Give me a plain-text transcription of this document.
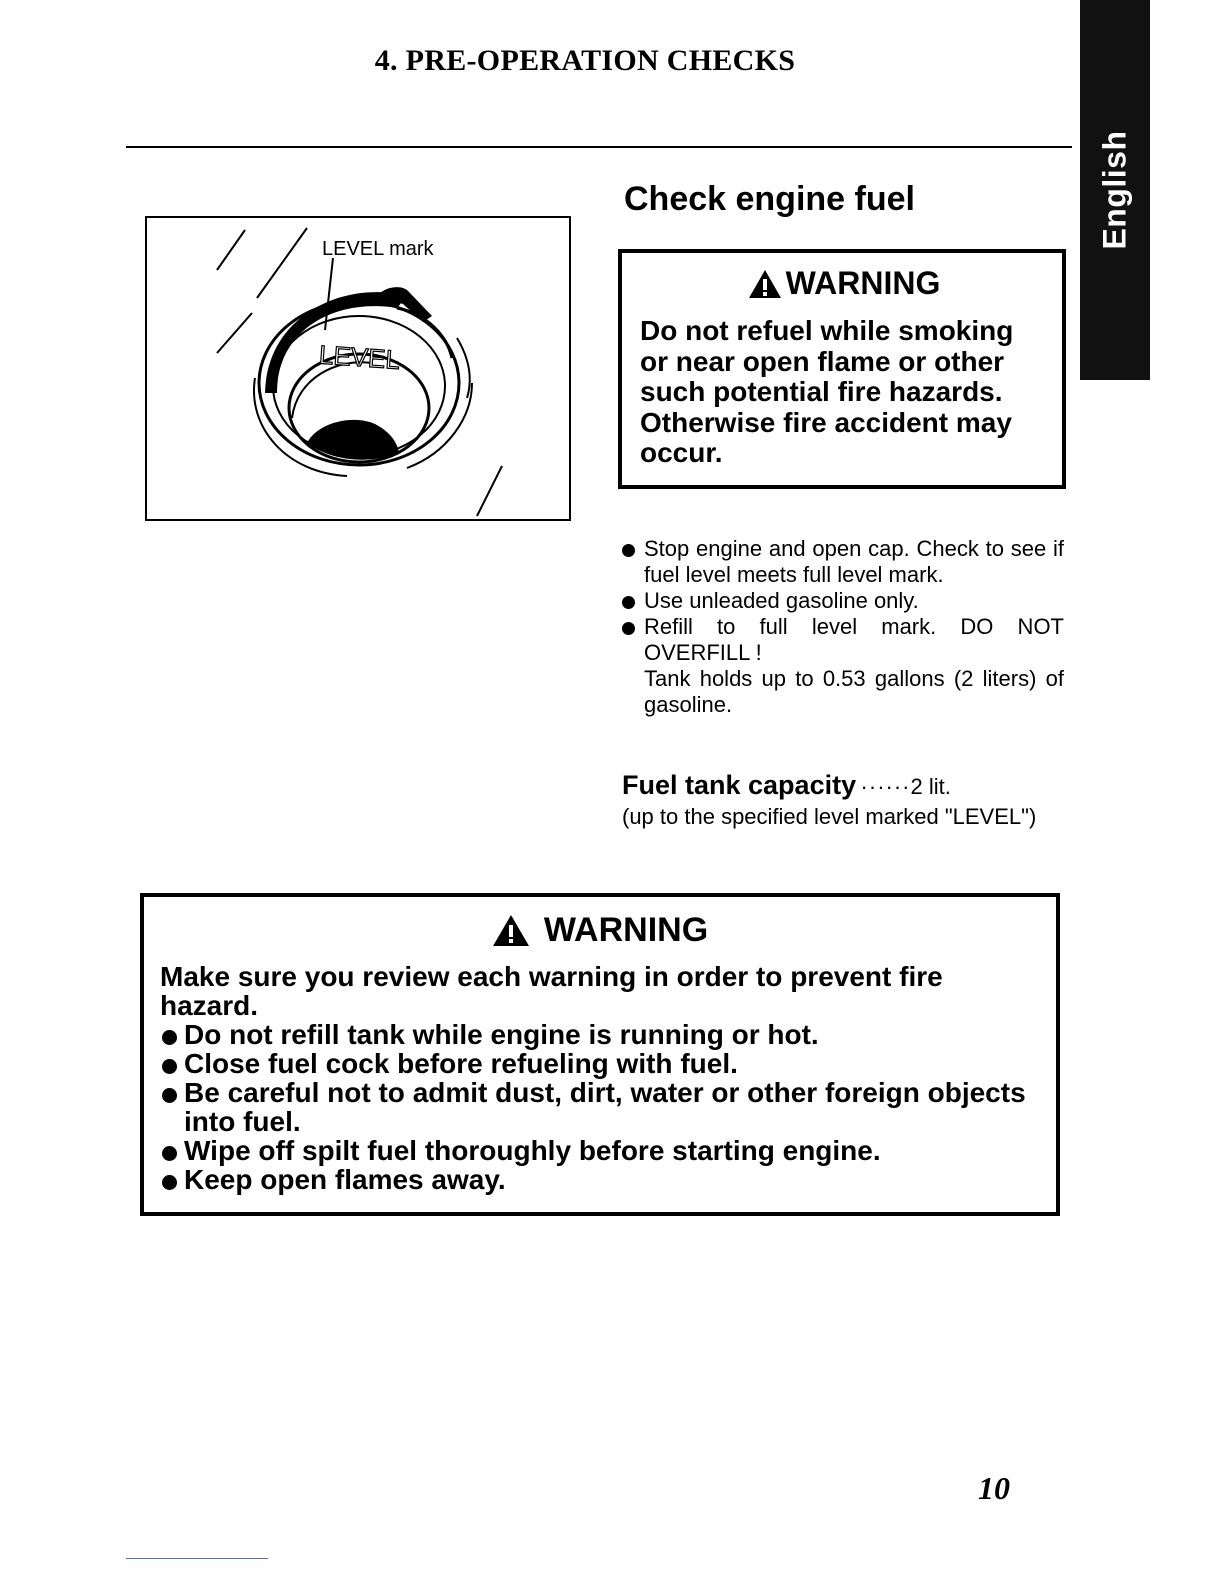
4. PRE-OPERATION CHECKS
English
LEVEL
LEVEL mark
Check engine fuel
WARNING
Do not refuel while smoking or near open flame or other such potential fire hazards. Otherwise fire accident may occur.
Stop engine and open cap. Check to see if fuel level meets full level mark.
Use unleaded gasoline only.
Refill to full level mark. DO NOT OVERFILL !
Tank holds up to 0.53 gallons (2 liters) of gasoline.
Fuel tank capacity ······2 lit.
(up to the specified level marked "LEVEL")
WARNING
Make sure you review each warning in order to prevent fire hazard.
Do not refill tank while engine is running or hot.
Close fuel cock before refueling with fuel.
Be careful not to admit dust, dirt, water or other foreign objects into fuel.
Wipe off spilt fuel thoroughly before starting engine.
Keep open flames away.
10
